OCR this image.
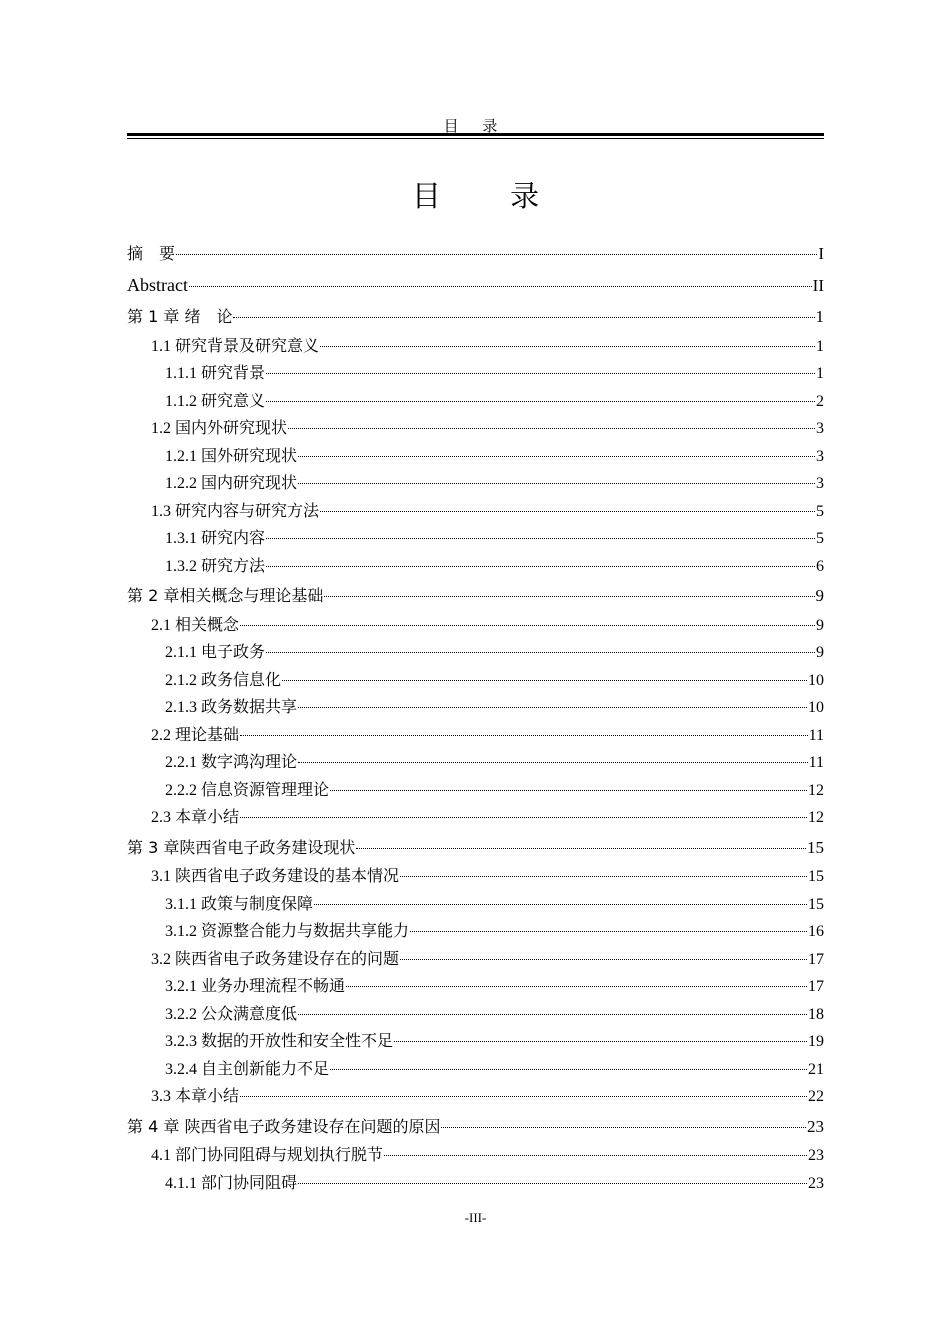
目 录
目 录
摘　要	I
Abstract	II
第 1 章 绪　论	1
1.1 研究背景及研究意义	1
1.1.1 研究背景	1
1.1.2 研究意义	2
1.2 国内外研究现状	3
1.2.1 国外研究现状	3
1.2.2 国内研究现状	3
1.3 研究内容与研究方法	5
1.3.1 研究内容	5
1.3.2 研究方法	6
第 2 章相关概念与理论基础	9
2.1 相关概念	9
2.1.1 电子政务	9
2.1.2 政务信息化	10
2.1.3 政务数据共享	10
2.2 理论基础	11
2.2.1 数字鸿沟理论	11
2.2.2 信息资源管理理论	12
2.3 本章小结	12
第 3 章陕西省电子政务建设现状	15
3.1 陕西省电子政务建设的基本情况	15
3.1.1 政策与制度保障	15
3.1.2 资源整合能力与数据共享能力	16
3.2 陕西省电子政务建设存在的问题	17
3.2.1 业务办理流程不畅通	17
3.2.2 公众满意度低	18
3.2.3 数据的开放性和安全性不足	19
3.2.4 自主创新能力不足	21
3.3 本章小结	22
第 4 章 陕西省电子政务建设存在问题的原因	23
4.1 部门协同阻碍与规划执行脱节	23
4.1.1 部门协同阻碍	23
-III-
